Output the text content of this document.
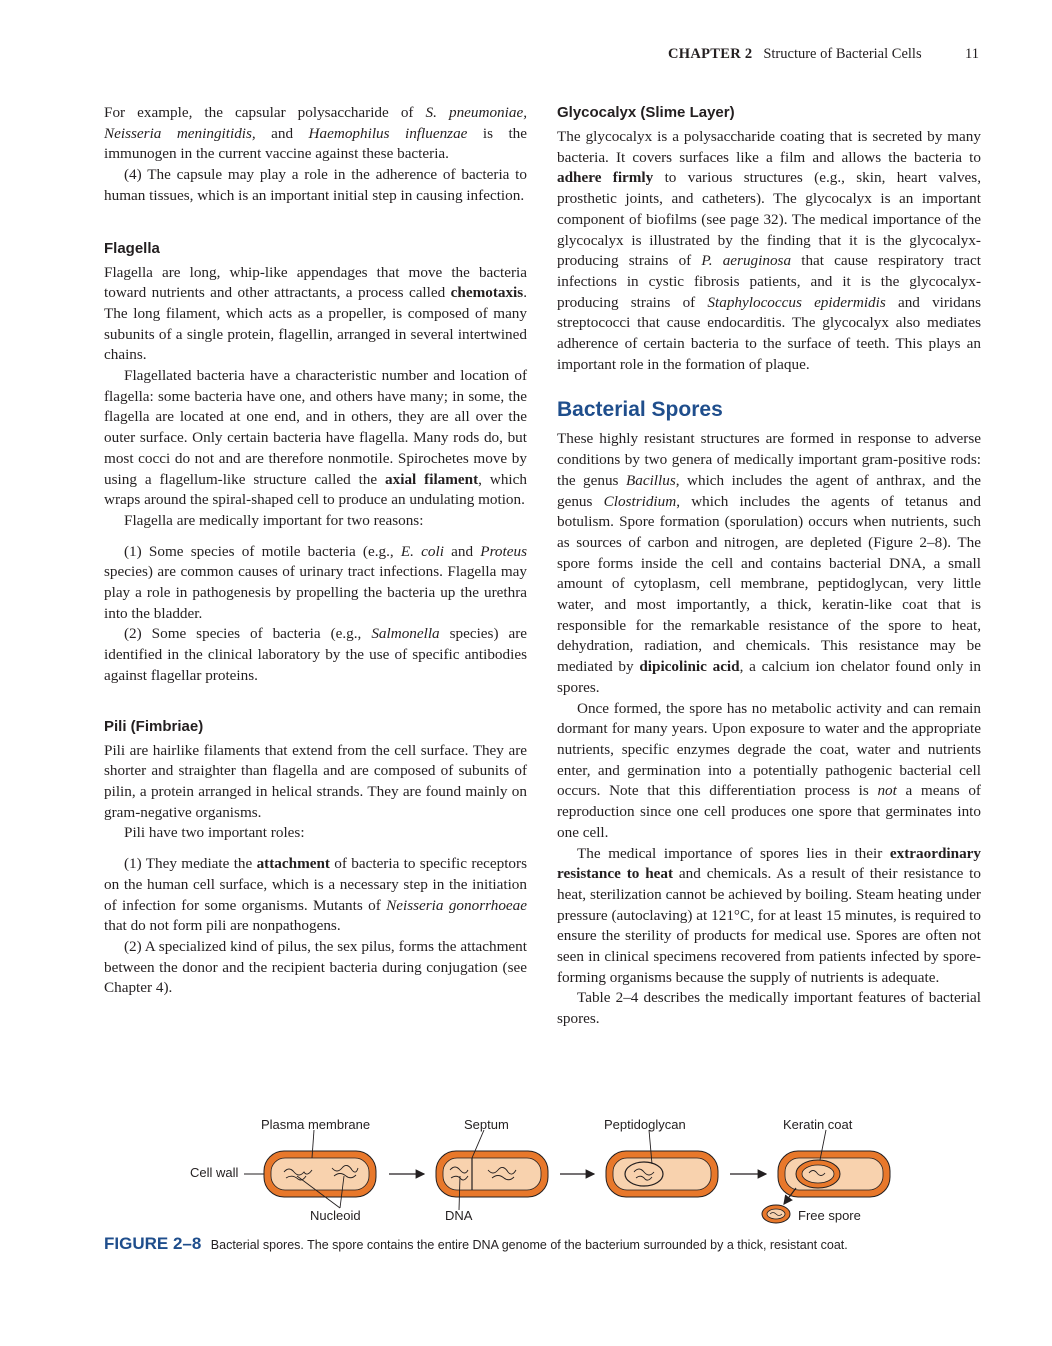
CHAPTER 2 Structure of Bacterial Cells	11

For example, the capsular polysaccharide of S. pneumoniae, Neisseria meningitidis, and Haemophilus influenzae is the immunogen in the current vaccine against these bacteria.

(4) The capsule may play a role in the adherence of bacteria to human tissues, which is an important initial step in causing infection.

Flagella

Flagella are long, whip-like appendages that move the bacteria toward nutrients and other attractants, a process called chemotaxis. The long filament, which acts as a propeller, is composed of many subunits of a single protein, flagellin, arranged in several intertwined chains.

Flagellated bacteria have a characteristic number and location of flagella: some bacteria have one, and others have many; in some, the flagella are located at one end, and in others, they are all over the outer surface. Only certain bacteria have flagella. Many rods do, but most cocci do not and are therefore nonmotile. Spirochetes move by using a flagellum-like structure called the axial filament, which wraps around the spiral-shaped cell to produce an undulating motion.

Flagella are medically important for two reasons:

(1) Some species of motile bacteria (e.g., E. coli and Proteus species) are common causes of urinary tract infections. Flagella may play a role in pathogenesis by propelling the bacteria up the urethra into the bladder.

(2) Some species of bacteria (e.g., Salmonella species) are identified in the clinical laboratory by the use of specific antibodies against flagellar proteins.

Pili (Fimbriae)

Pili are hairlike filaments that extend from the cell surface. They are shorter and straighter than flagella and are composed of subunits of pilin, a protein arranged in helical strands. They are found mainly on gram-negative organisms.

Pili have two important roles:

(1) They mediate the attachment of bacteria to specific receptors on the human cell surface, which is a necessary step in the initiation of infection for some organisms. Mutants of Neisseria gonorrhoeae that do not form pili are nonpathogens.

(2) A specialized kind of pilus, the sex pilus, forms the attachment between the donor and the recipient bacteria during conjugation (see Chapter 4).

Glycocalyx (Slime Layer)

The glycocalyx is a polysaccharide coating that is secreted by many bacteria. It covers surfaces like a film and allows the bacteria to adhere firmly to various structures (e.g., skin, heart valves, prosthetic joints, and catheters). The glycocalyx is an important component of biofilms (see page 32). The medical importance of the glycocalyx is illustrated by the finding that it is the glycocalyx-producing strains of P. aeruginosa that cause respiratory tract infections in cystic fibrosis patients, and it is the glycocalyx-producing strains of Staphylococcus epidermidis and viridans streptococci that cause endocarditis. The glycocalyx also mediates adherence of certain bacteria to the surface of teeth. This plays an important role in the formation of plaque.

Bacterial Spores

These highly resistant structures are formed in response to adverse conditions by two genera of medically important gram-positive rods: the genus Bacillus, which includes the agent of anthrax, and the genus Clostridium, which includes the agents of tetanus and botulism. Spore formation (sporulation) occurs when nutrients, such as sources of carbon and nitrogen, are depleted (Figure 2–8). The spore forms inside the cell and contains bacterial DNA, a small amount of cytoplasm, cell membrane, peptidoglycan, very little water, and most importantly, a thick, keratin-like coat that is responsible for the remarkable resistance of the spore to heat, dehydration, radiation, and chemicals. This resistance may be mediated by dipicolinic acid, a calcium ion chelator found only in spores.

Once formed, the spore has no metabolic activity and can remain dormant for many years. Upon exposure to water and the appropriate nutrients, specific enzymes degrade the coat, water and nutrients enter, and germination into a potentially pathogenic bacterial cell occurs. Note that this differentiation process is not a means of reproduction since one cell produces one spore that germinates into one cell.

The medical importance of spores lies in their extraordinary resistance to heat and chemicals. As a result of their resistance to heat, sterilization cannot be achieved by boiling. Steam heating under pressure (autoclaving) at 121°C, for at least 15 minutes, is required to ensure the sterility of products for medical use. Spores are often not seen in clinical specimens recovered from patients infected by spore-forming organisms because the supply of nutrients is adequate.

Table 2–4 describes the medically important features of bacterial spores.

Plasma membrane	Septum	Peptidoglycan	Keratin coat
Cell wall
Nucleoid	DNA	Free spore
FIGURE 2–8 Bacterial spores. The spore contains the entire DNA genome of the bacterium surrounded by a thick, resistant coat.
